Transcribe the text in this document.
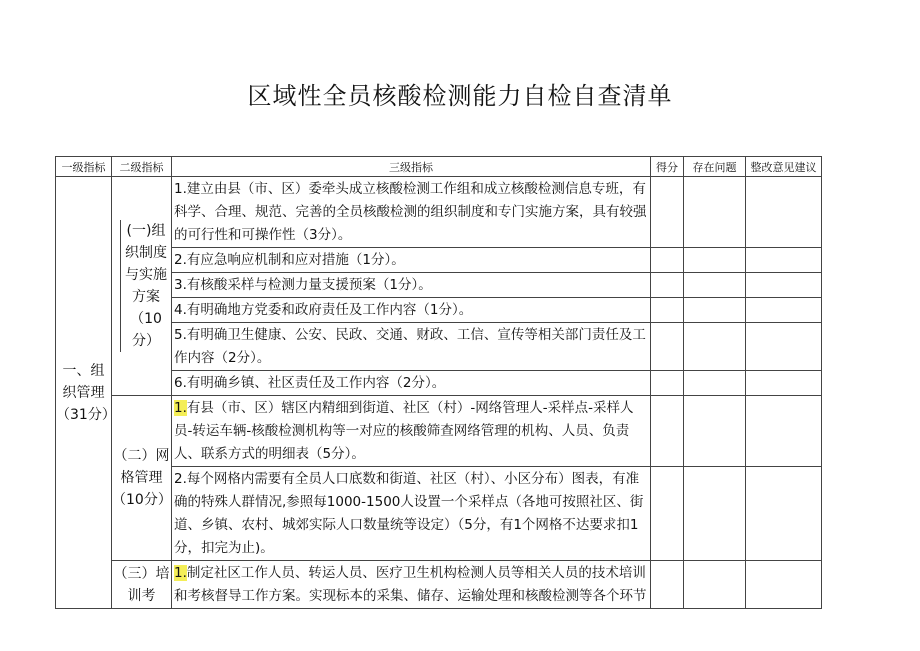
区域性全员核酸检测能力自检自查清单
一级指标	二级指标	三级指标	得分	存在问题	整改意见建议
一、组织管理（31分）	(一)组织制度与实施方案（10分）	1.建立由县（市、区）委牵头成立核酸检测工作组和成立核酸检测信息专班，有科学、合理、规范、完善的全员核酸检测的组织制度和专门实施方案，具有较强的可行性和可操作性（3分）。			
		2.有应急响应机制和应对措施（1分）。			
		3.有核酸采样与检测力量支援预案（1分）。			
		4.有明确地方党委和政府责任及工作内容（1分）。			
		5.有明确卫生健康、公安、民政、交通、财政、工信、宣传等相关部门责任及工作内容（2分）。			
		6.有明确乡镇、社区责任及工作内容（2分）。			
	（二）网格管理（10分）	1.有县（市、区）辖区内精细到街道、社区（村）-网络管理人-采样点-采样人员-转运车辆-核酸检测机构等一对应的核酸筛查网络管理的机构、人员、负责人、联系方式的明细表（5分）。			
		2.每个网格内需要有全员人口底数和街道、社区（村）、小区分布）图表，有准确的特殊人群情况,参照每1000-1500人设置一个采样点（各地可按照社区、街道、乡镇、农村、城郊实际人口数量统等设定）（5分，有1个网格不达要求扣1分，扣完为止)。			
	（三）培训考	1.制定社区工作人员、转运人员、医疗卫生机构检测人员等相关人员的技术培训和考核督导工作方案。实现标本的采集、储存、运输处理和核酸检测等各个环节			
